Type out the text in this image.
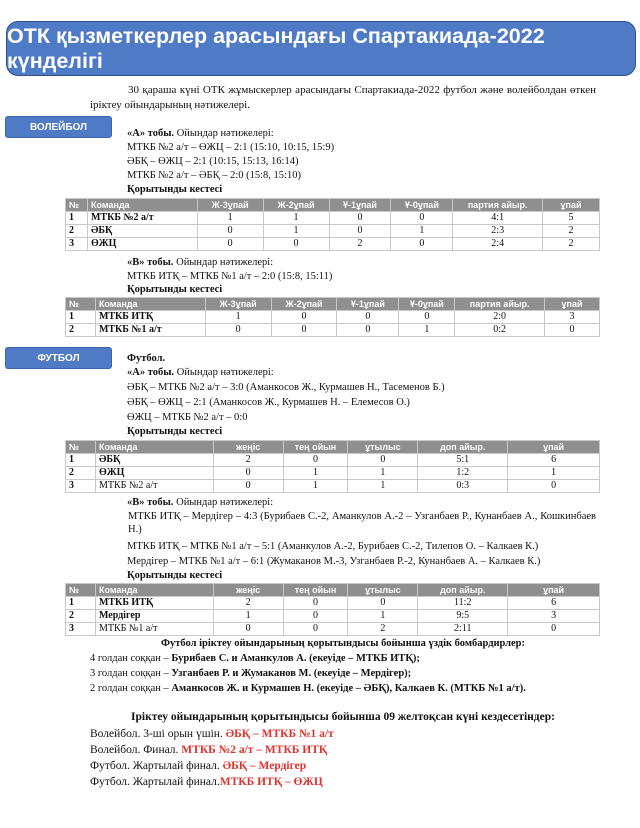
ОТК қызметкерлер арасындағы Спартакиада-2022 күнделігі

30 қараша күні ОТК жұмыскерлер арасындағы Спартакиада-2022 футбол және волейболдан өткен іріктеу ойындарының нәтижелері.

ВОЛЕЙБОЛ
«А» тобы. Ойындар нәтижелері:
МТКБ №2 а/т – ӨЖЦ – 2:1 (15:10, 10:15, 15:9)
ӘБҚ – ӨЖЦ – 2:1 (10:15, 15:13, 16:14)
МТКБ №2 а/т – ӘБҚ – 2:0 (15:8, 15:10)
Қорытынды кестесі
№	Команда	Ж-3ұпай	Ж-2ұпай	Ұ-1ұпай	Ұ-0ұпай	партия айыр.	ұпай
1	МТКБ №2 а/т	1	1	0	0	4:1	5
2	ӘБҚ	0	1	0	1	2:3	2
3	ӨЖЦ	0	0	2	0	2:4	2
«В» тобы. Ойындар нәтижелері:
МТКБ ИТҚ – МТКБ №1 а/т – 2:0 (15:8, 15:11)
Қорытынды кестесі
№	Команда	Ж-3ұпай	Ж-2ұпай	Ұ-1ұпай	Ұ-0ұпай	партия айыр.	ұпай
1	МТКБ ИТҚ	1	0	0	0	2:0	3
2	МТКБ №1 а/т	0	0	0	1	0:2	0
ФУТБОЛ	Футбол.
«А» тобы. Ойындар нәтижелері:
ӘБҚ – МТКБ №2 а/т – 3:0 (Аманкосов Ж., Курмашев Н., Тасеменов Б.)
ӘБҚ – ӨЖЦ – 2:1 (Аманкосов Ж., Курмашев Н. – Елемесов О.)
ӨЖЦ – МТКБ №2 а/т – 0:0
Қорытынды кестесі
№	Команда	жеңіс	тең ойын	ұтылыс	доп айыр.	ұпай
1	ӘБҚ	2	0	0	5:1	6
2	ӨЖЦ	0	1	1	1:2	1
3	МТКБ №2 а/т	0	1	1	0:3	0
«В» тобы. Ойындар нәтижелері:
МТКБ ИТҚ – Мердігер – 4:3 (Бурибаев С.-2, Аманкулов А.-2 – Узганбаев Р., Кунанбаев А., Кошкинбаев Н.)
МТКБ ИТҚ – МТКБ №1 а/т – 5:1 (Аманкулов А.-2, Бурибаев С.-2, Тилепов О. – Калкаев К.)
Мердігер – МТКБ №1 а/т – 6:1 (Жумаканов М.-3, Узганбаев Р.-2, Кунанбаев А. – Калкаев К.)
Қорытынды кестесі
№	Команда	жеңіс	тең ойын	ұтылыс	доп айыр.	ұпай
1	МТКБ ИТҚ	2	0	0	11:2	6
2	Мердігер	1	0	1	9:5	3
3	МТКБ №1 а/т	0	0	2	2:11	0
Футбол іріктеу ойындарының қорытындысы бойынша үздік бомбардирлер:
4 голдан соққан – Бурибаев С. и Аманкулов А. (екеуіде – МТКБ ИТҚ);
3 голдан соққан – Узганбаев Р. и Жумаканов М. (екеуіде – Мердігер);
2 голдан соққан – Аманкосов Ж. и Курмашев Н. (екеуіде – ӘБҚ), Калкаев К. (МТКБ №1 а/т).
Іріктеу ойындарының қорытындысы бойынша 09 желтоқсан күні кездесетіндер:
Волейбол. 3-ші орын үшін. ӘБҚ – МТКБ №1 а/т
Волейбол. Финал. МТКБ №2 а/т – МТКБ ИТҚ
Футбол. Жартылай финал. ӘБҚ – Мердігер
Футбол. Жартылай финал.МТКБ ИТҚ – ӨЖЦ
